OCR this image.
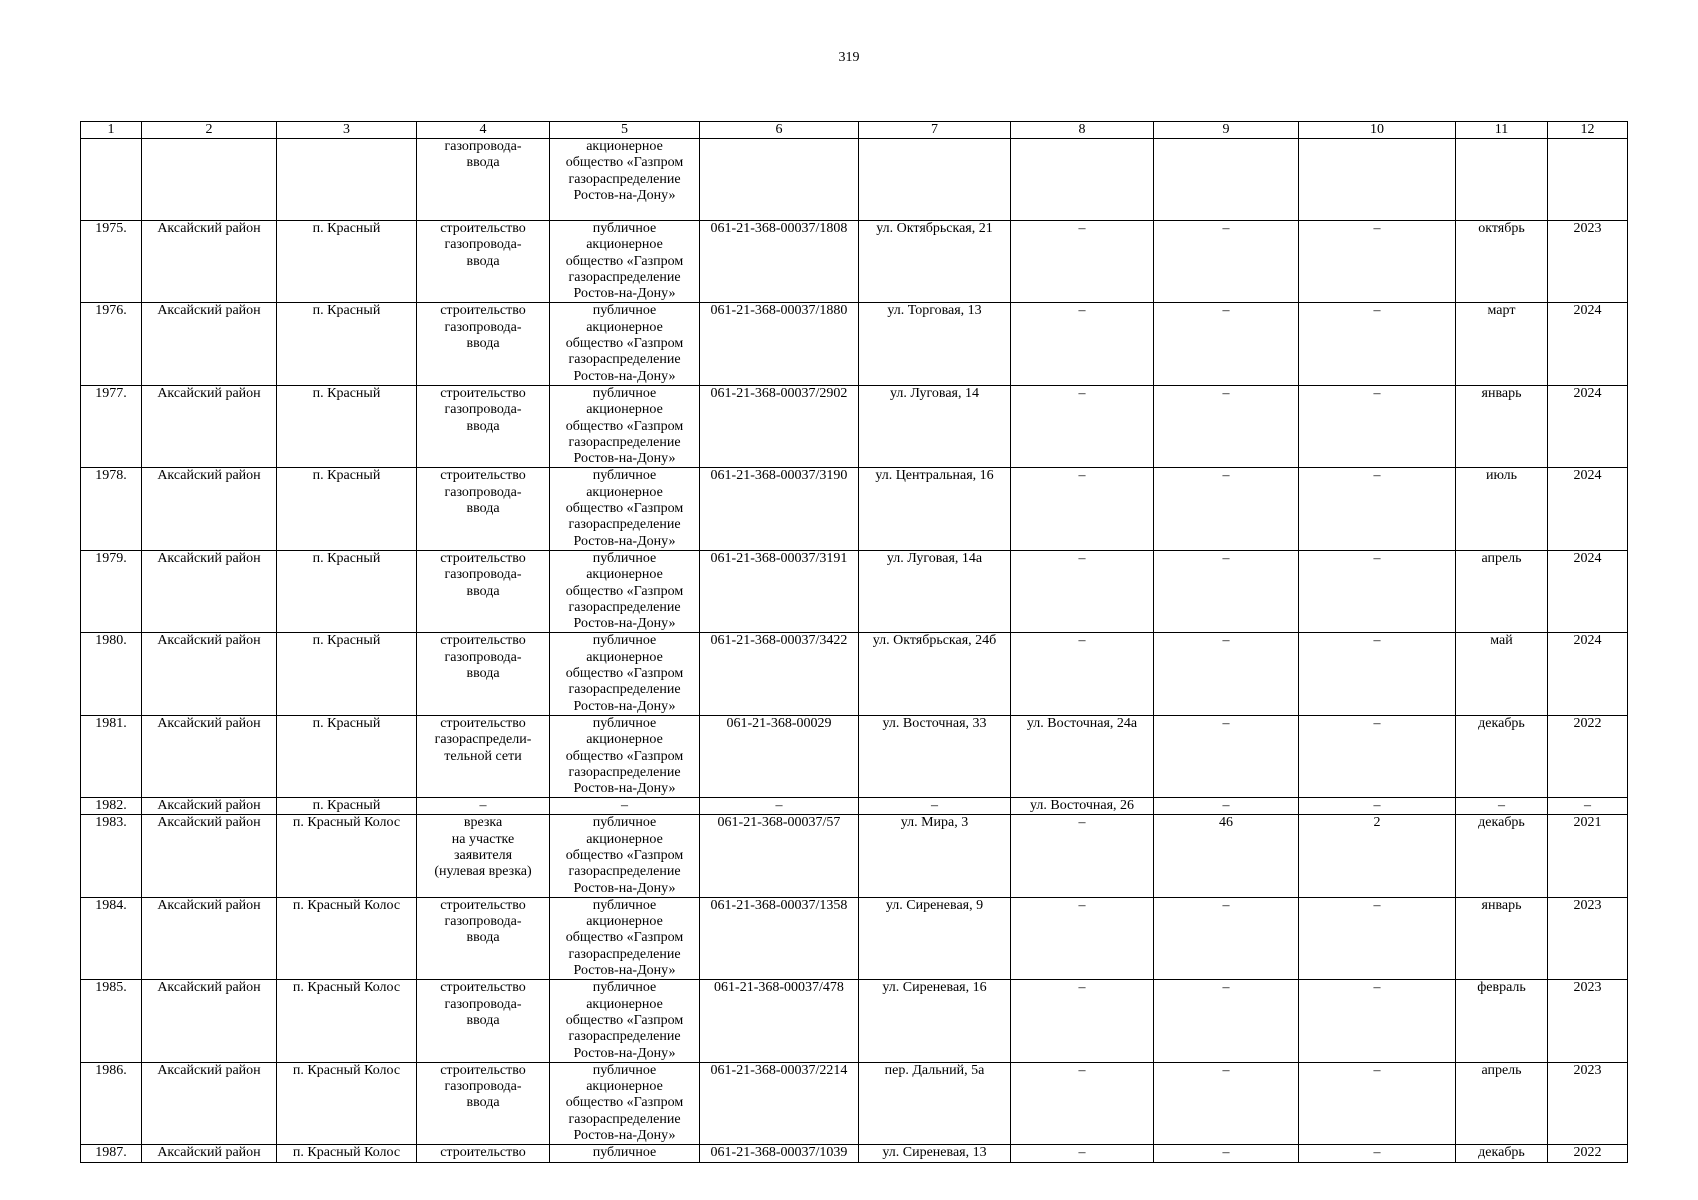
319
1	2	3	4	5	6	7	8	9	10	11	12
			газопровода-
ввода	акционерное
общество «Газпром
газораспределение
Ростов-на-Дону»							
1975.	Аксайский район	п. Красный	строительство
газопровода-
ввода	публичное
акционерное
общество «Газпром
газораспределение
Ростов-на-Дону»	061-21-368-00037/1808	ул. Октябрьская, 21	–	–	–	октябрь	2023
1976.	Аксайский район	п. Красный	строительство
газопровода-
ввода	публичное
акционерное
общество «Газпром
газораспределение
Ростов-на-Дону»	061-21-368-00037/1880	ул. Торговая, 13	–	–	–	март	2024
1977.	Аксайский район	п. Красный	строительство
газопровода-
ввода	публичное
акционерное
общество «Газпром
газораспределение
Ростов-на-Дону»	061-21-368-00037/2902	ул. Луговая, 14	–	–	–	январь	2024
1978.	Аксайский район	п. Красный	строительство
газопровода-
ввода	публичное
акционерное
общество «Газпром
газораспределение
Ростов-на-Дону»	061-21-368-00037/3190	ул. Центральная, 16	–	–	–	июль	2024
1979.	Аксайский район	п. Красный	строительство
газопровода-
ввода	публичное
акционерное
общество «Газпром
газораспределение
Ростов-на-Дону»	061-21-368-00037/3191	ул. Луговая, 14а	–	–	–	апрель	2024
1980.	Аксайский район	п. Красный	строительство
газопровода-
ввода	публичное
акционерное
общество «Газпром
газораспределение
Ростов-на-Дону»	061-21-368-00037/3422	ул. Октябрьская, 24б	–	–	–	май	2024
1981.	Аксайский район	п. Красный	строительство
газораспредели-
тельной сети	публичное
акционерное
общество «Газпром
газораспределение
Ростов-на-Дону»	061-21-368-00029	ул. Восточная, 33	ул. Восточная, 24а	–	–	декабрь	2022
1982.	Аксайский район	п. Красный	–	–	–	–	ул. Восточная, 26	–	–	–	–
1983.	Аксайский район	п. Красный Колос	врезка
на участке
заявителя
(нулевая врезка)	публичное
акционерное
общество «Газпром
газораспределение
Ростов-на-Дону»	061-21-368-00037/57	ул. Мира, 3	–	46	2	декабрь	2021
1984.	Аксайский район	п. Красный Колос	строительство
газопровода-
ввода	публичное
акционерное
общество «Газпром
газораспределение
Ростов-на-Дону»	061-21-368-00037/1358	ул. Сиреневая, 9	–	–	–	январь	2023
1985.	Аксайский район	п. Красный Колос	строительство
газопровода-
ввода	публичное
акционерное
общество «Газпром
газораспределение
Ростов-на-Дону»	061-21-368-00037/478	ул. Сиреневая, 16	–	–	–	февраль	2023
1986.	Аксайский район	п. Красный Колос	строительство
газопровода-
ввода	публичное
акционерное
общество «Газпром
газораспределение
Ростов-на-Дону»	061-21-368-00037/2214	пер. Дальний, 5а	–	–	–	апрель	2023
1987.	Аксайский район	п. Красный Колос	строительство	публичное	061-21-368-00037/1039	ул. Сиреневая, 13	–	–	–	декабрь	2022
